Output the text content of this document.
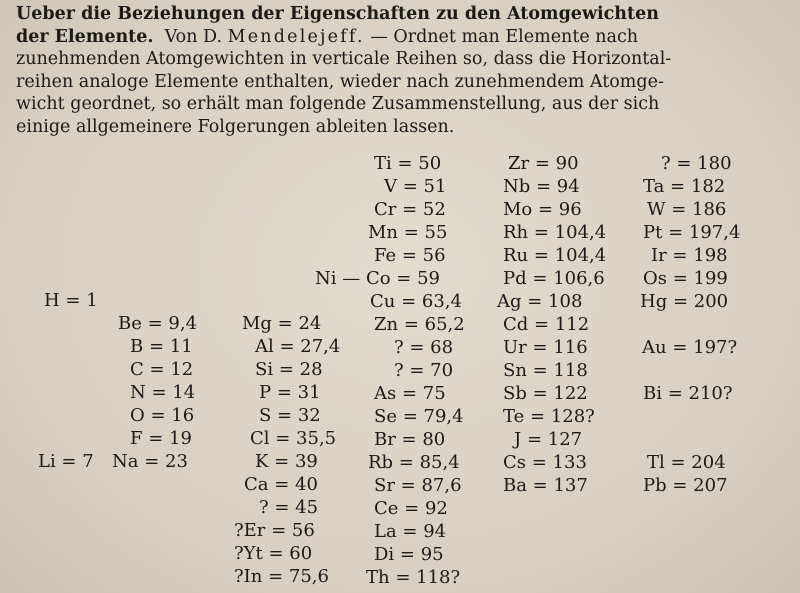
Ueber die Beziehungen der Eigenschaften zu den Atomgewichten
der Elemente. Von D. Mendelejeff. — Ordnet man Elemente nach
zunehmenden Atomgewichten in verticale Reihen so, dass die Horizontal-
reihen analoge Elemente enthalten, wieder nach zunehmendem Atomge-
wicht geordnet, so erhält man folgende Zusammenstellung, aus der sich
einige allgemeinere Folgerungen ableiten lassen.
H = 1
Li = 7
Be = 9,4
B = 11
C = 12
N = 14
O = 16
F = 19
Na = 23
Mg = 24
Al = 27,4
Si = 28
P = 31
S = 32
Cl = 35,5
K = 39
Ca = 40
? = 45
?Er = 56
?Yt = 60
?In = 75,6
Ti = 50
V = 51
Cr = 52
Mn = 55
Fe = 56
Ni — Co = 59
Cu = 63,4
Zn = 65,2
? = 68
? = 70
As = 75
Se = 79,4
Br = 80
Rb = 85,4
Sr = 87,6
Ce = 92
La = 94
Di = 95
Th = 118?
Zr = 90
Nb = 94
Mo = 96
Rh = 104,4
Ru = 104,4
Pd = 106,6
Ag = 108
Cd = 112
Ur = 116
Sn = 118
Sb = 122
Te = 128?
J = 127
Cs = 133
Ba = 137
? = 180
Ta = 182
W = 186
Pt = 197,4
Ir = 198
Os = 199
Hg = 200
Au = 197?
Bi = 210?
Tl = 204
Pb = 207
